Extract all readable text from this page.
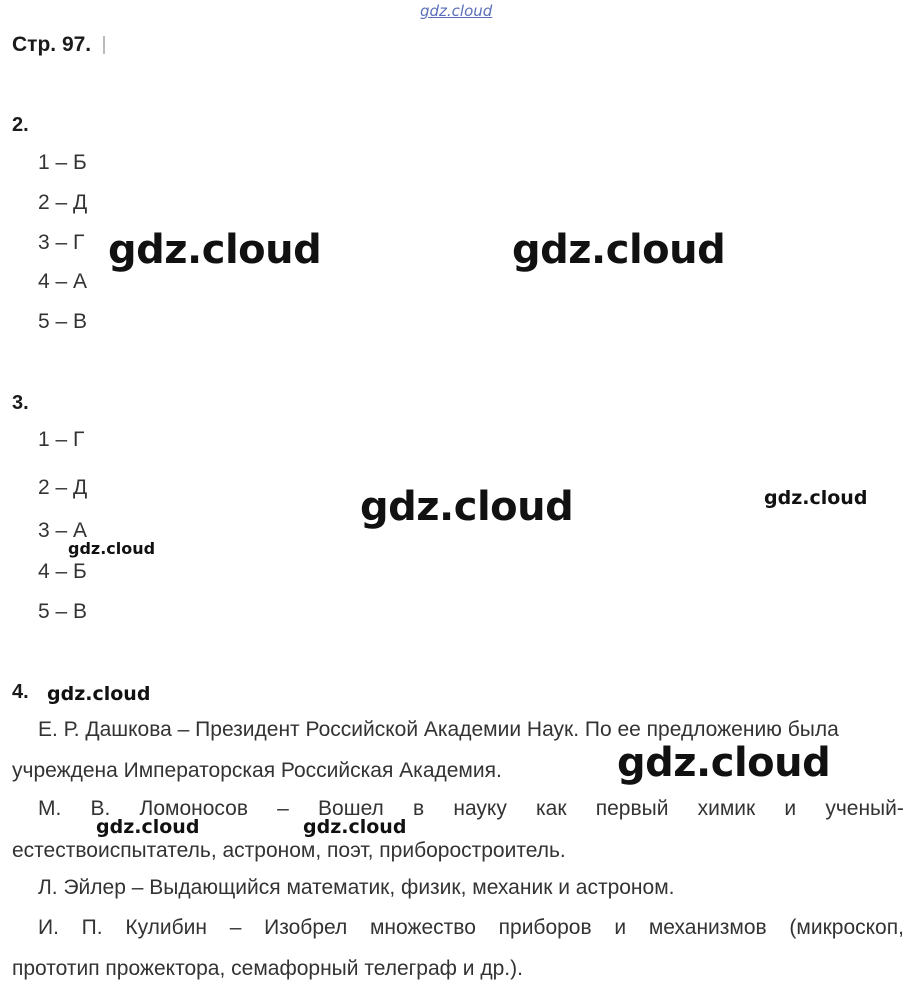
gdz.cloud
Стр. 97.
2.
1 – Б
2 – Д
3 – Г
4 – А
5 – В
3.
1 – Г
2 – Д
3 – А
4 – Б
5 – В
4.
Е. Р. Дашкова – Президент Российской Академии Наук. По ее предложению была
учреждена Императорская Российская Академия.
М. В. Ломоносов – Вошел в науку как первый химик и ученый-
естествоиспытатель, астроном, поэт, приборостроитель.
Л. Эйлер – Выдающийся математик, физик, механик и астроном.
И. П. Кулибин – Изобрел множество приборов и механизмов (микроскоп,
прототип прожектора, семафорный телеграф и др.).
gdz.cloud	gdz.cloud
gdz.cloud	gdz.cloud
gdz.cloud
gdz.cloud
gdz.cloud
gdz.cloud	gdz.cloud
